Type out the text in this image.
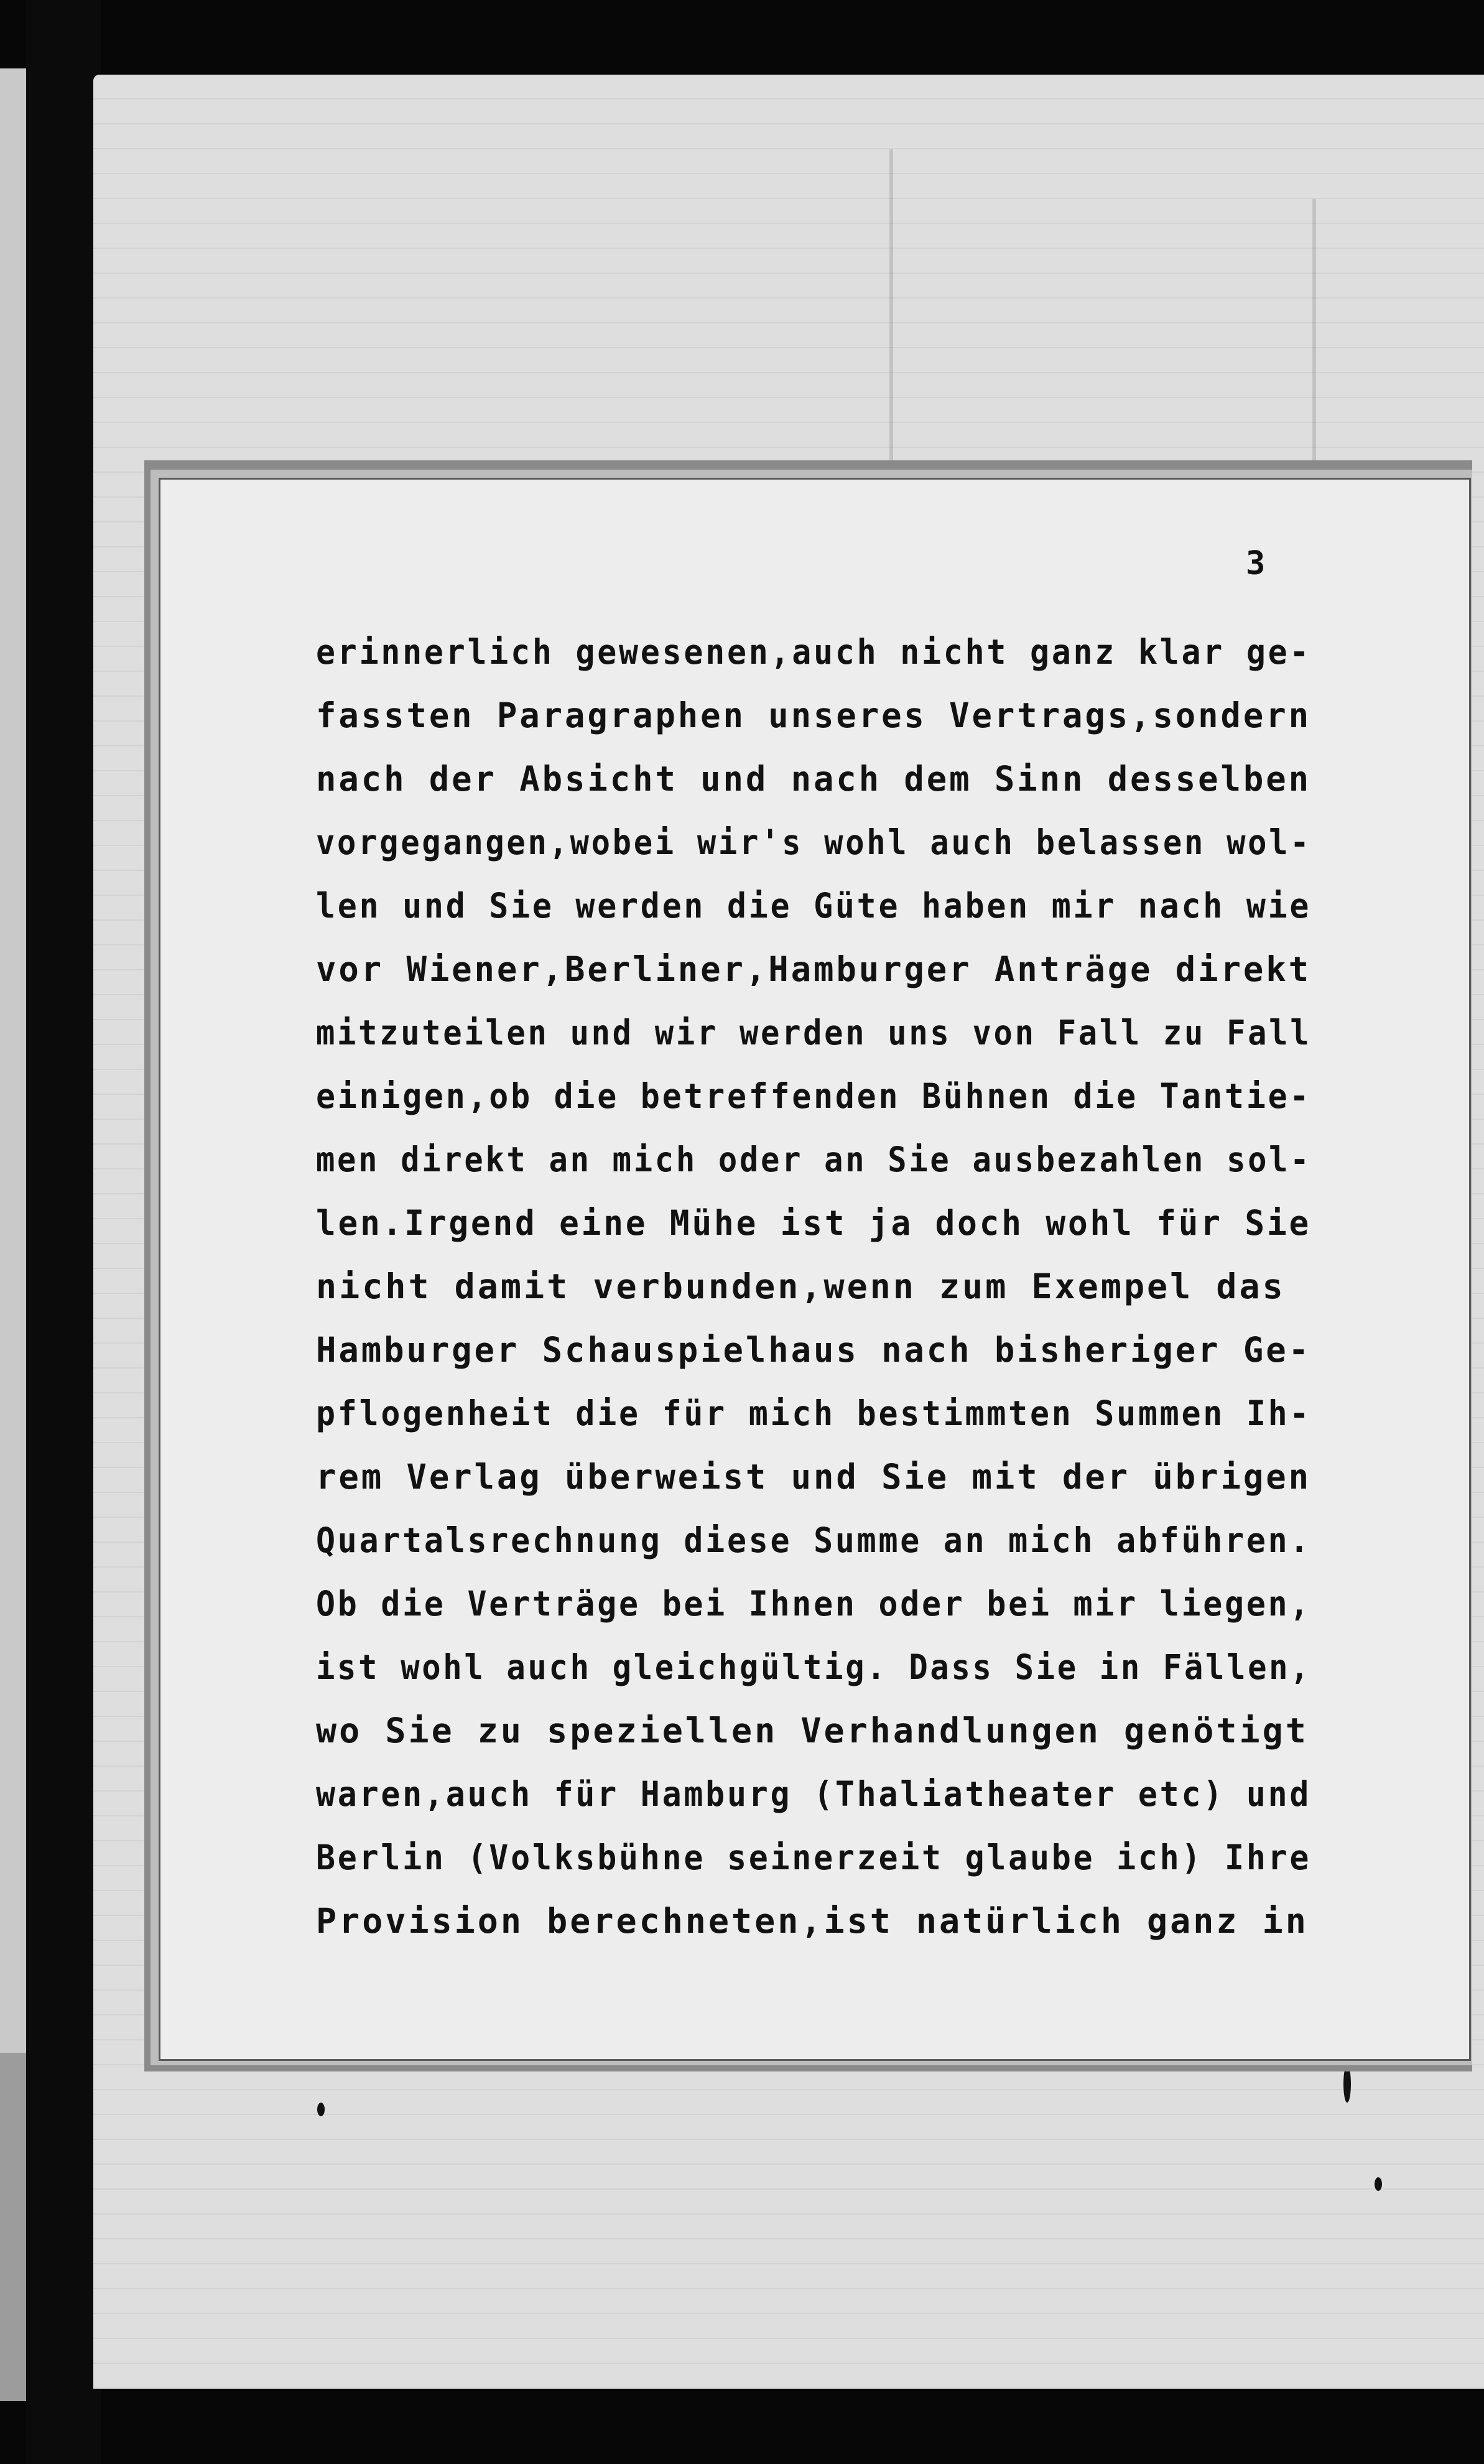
3
erinnerlich gewesenen,auch nicht ganz klar ge-
fassten Paragraphen unseres Vertrags,sondern
nach der Absicht und nach dem Sinn desselben
vorgegangen,wobei wir's wohl auch belassen wol-
len und Sie werden die Güte haben mir nach wie
vor Wiener,Berliner,Hamburger Anträge direkt
mitzuteilen und wir werden uns von Fall zu Fall
einigen,ob die betreffenden Bühnen die Tantie-
men direkt an mich oder an Sie ausbezahlen sol-
len.Irgend eine Mühe ist ja doch wohl für Sie
nicht damit verbunden,wenn zum Exempel das
Hamburger Schauspielhaus nach bisheriger Ge-
pflogenheit die für mich bestimmten Summen Ih-
rem Verlag überweist und Sie mit der übrigen
Quartalsrechnung diese Summe an mich abführen.
Ob die Verträge bei Ihnen oder bei mir liegen,
ist wohl auch gleichgültig. Dass Sie in Fällen,
wo Sie zu speziellen Verhandlungen genötigt
waren,auch für Hamburg (Thaliatheater etc) und
Berlin (Volksbühne seinerzeit glaube ich) Ihre
Provision berechneten,ist natürlich ganz in
